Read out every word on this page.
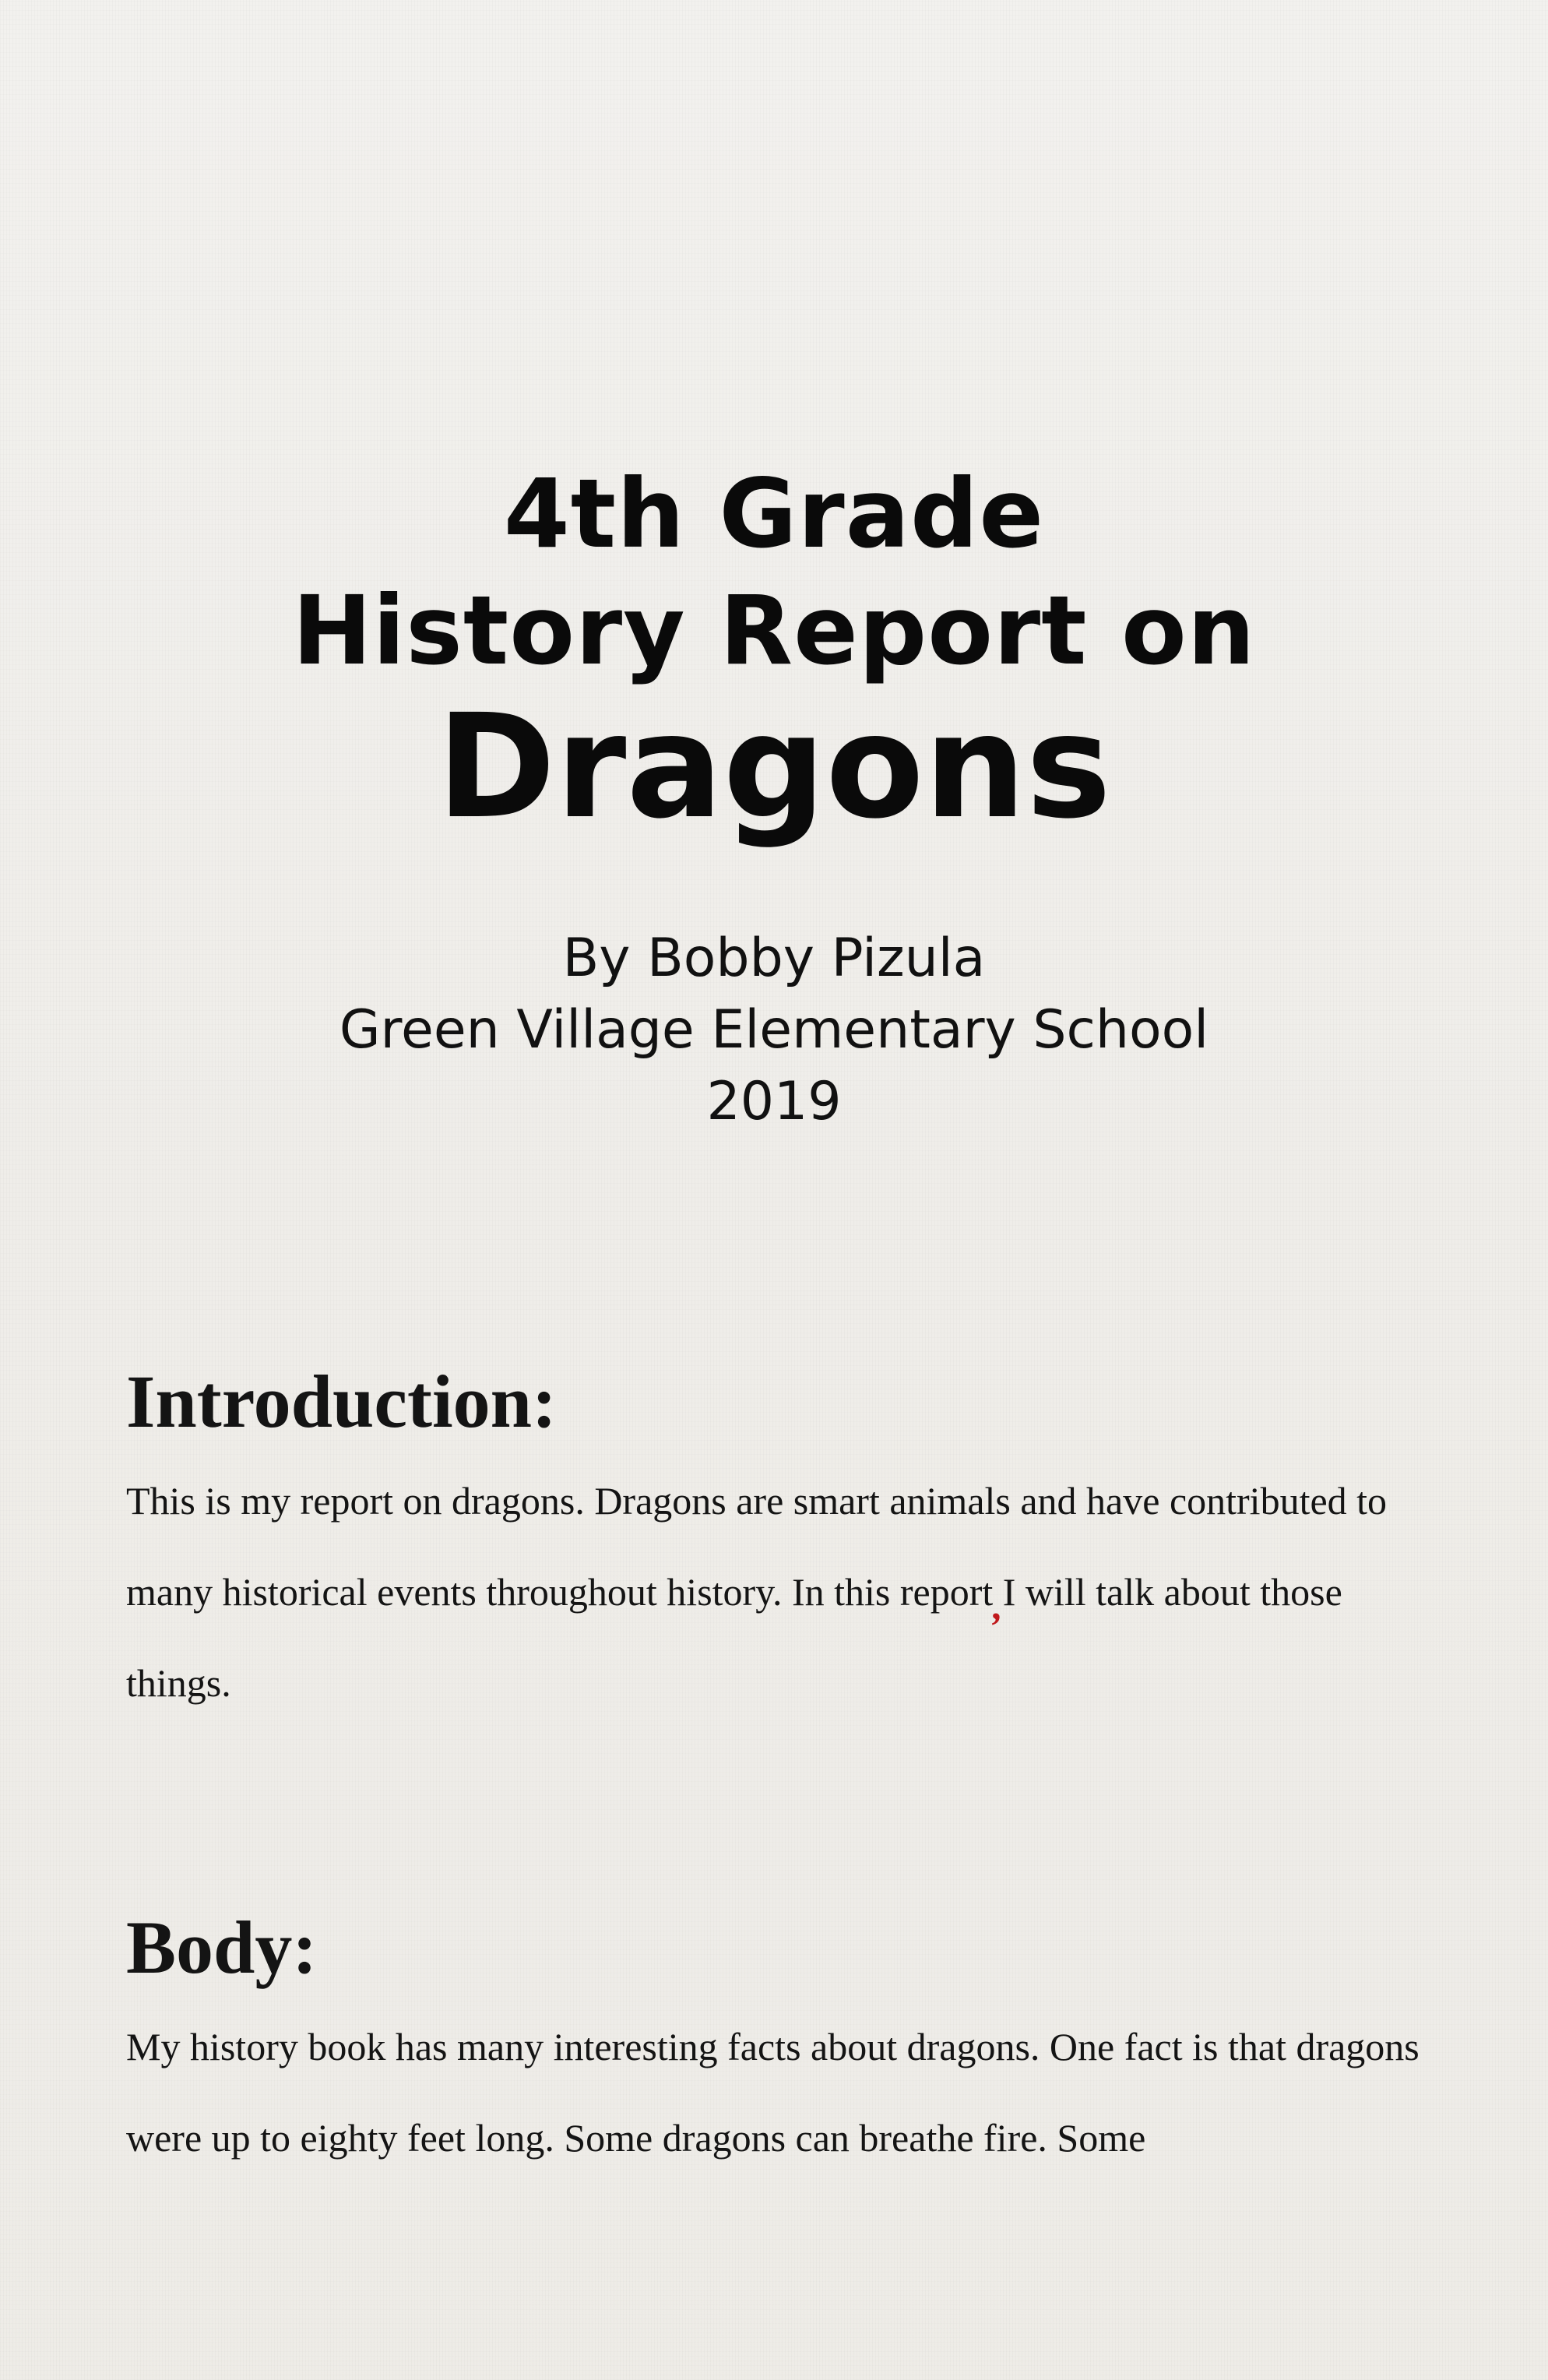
4th Grade
History Report on
Dragons
By Bobby Pizula
Green Village Elementary School
2019
Introduction:
This is my report on dragons. Dragons are smart animals and have contributed to many historical events throughout history. In this report,I will talk about those things.
Body:
My history book has many interesting facts about dragons. One fact is that dragons were up to eighty feet long. Some dragons can breathe fire. Some
